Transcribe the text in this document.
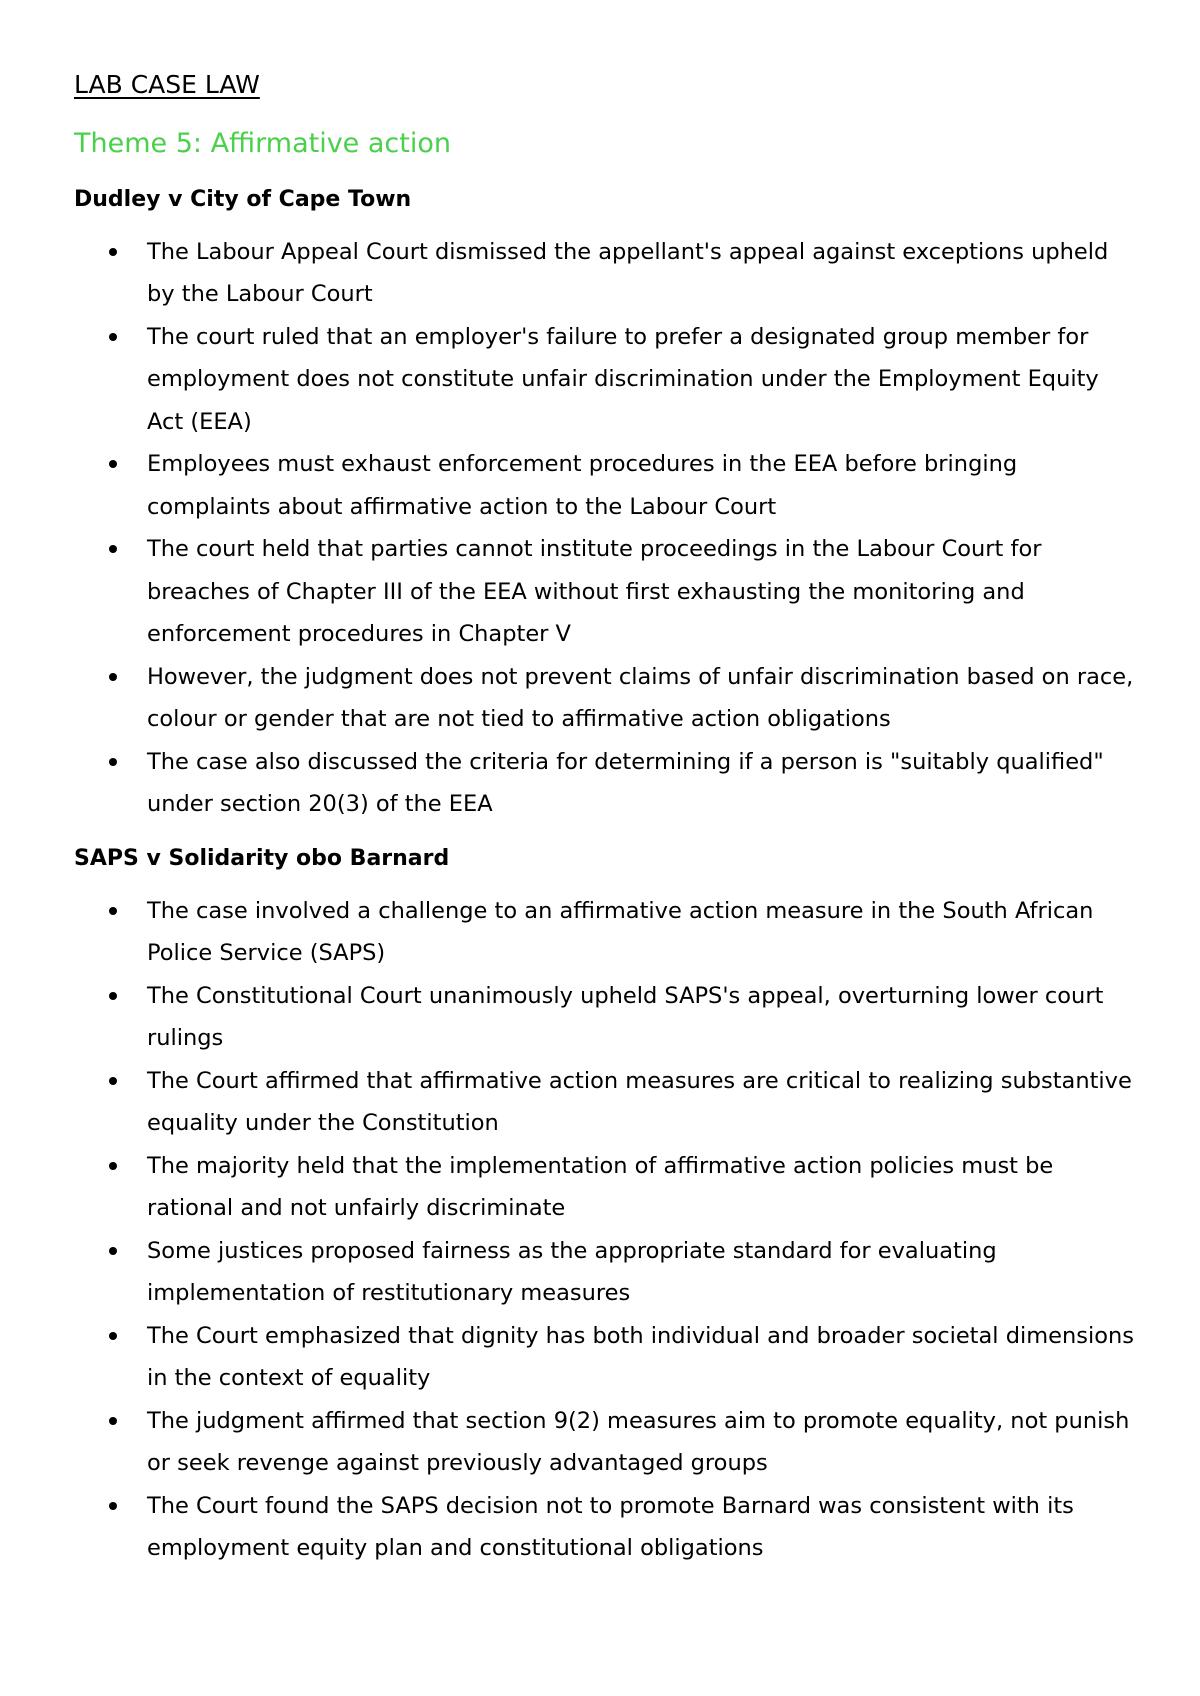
LAB CASE LAW
Theme 5: Affirmative action
Dudley v City of Cape Town
The Labour Appeal Court dismissed the appellant's appeal against exceptions upheld by the Labour Court
The court ruled that an employer's failure to prefer a designated group member for employment does not constitute unfair discrimination under the Employment Equity Act (EEA)
Employees must exhaust enforcement procedures in the EEA before bringing complaints about affirmative action to the Labour Court
The court held that parties cannot institute proceedings in the Labour Court for breaches of Chapter III of the EEA without first exhausting the monitoring and enforcement procedures in Chapter V
However, the judgment does not prevent claims of unfair discrimination based on race, colour or gender that are not tied to affirmative action obligations
The case also discussed the criteria for determining if a person is "suitably qualified" under section 20(3) of the EEA
SAPS v Solidarity obo Barnard
The case involved a challenge to an affirmative action measure in the South African Police Service (SAPS)
The Constitutional Court unanimously upheld SAPS's appeal, overturning lower court rulings
The Court affirmed that affirmative action measures are critical to realizing substantive equality under the Constitution
The majority held that the implementation of affirmative action policies must be rational and not unfairly discriminate
Some justices proposed fairness as the appropriate standard for evaluating implementation of restitutionary measures
The Court emphasized that dignity has both individual and broader societal dimensions in the context of equality
The judgment affirmed that section 9(2) measures aim to promote equality, not punish or seek revenge against previously advantaged groups
The Court found the SAPS decision not to promote Barnard was consistent with its employment equity plan and constitutional obligations
